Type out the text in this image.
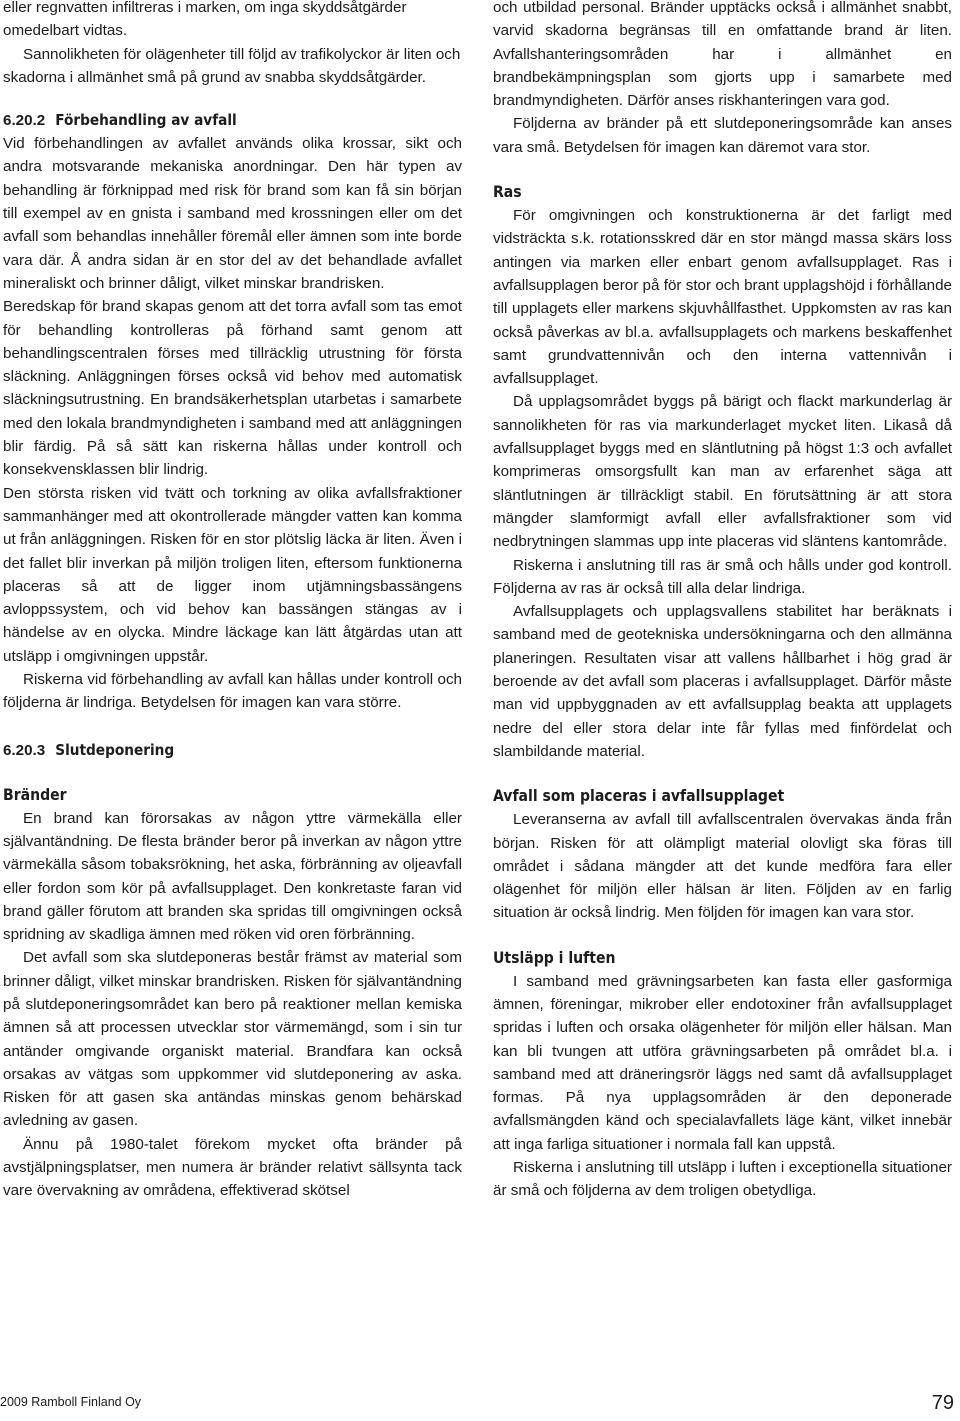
eller regnvatten infiltreras i marken, om inga skyddsåtgärder omedelbart vidtas.

Sannolikheten för olägenheter till följd av trafikolyckor är liten och skadorna i allmänhet små på grund av snabba skyddsåtgärder.

6.20.2 Förbehandling av avfall

Vid förbehandlingen av avfallet används olika krossar, sikt och andra motsvarande mekaniska anordningar. Den här typen av behandling är förknippad med risk för brand som kan få sin början till exempel av en gnista i samband med krossningen eller om det avfall som behandlas innehåller föremål eller ämnen som inte borde vara där. Å andra sidan är en stor del av det behandlade avfallet mineraliskt och brinner dåligt, vilket minskar brandrisken.

Beredskap för brand skapas genom att det torra avfall som tas emot för behandling kontrolleras på förhand samt genom att behandlingscentralen förses med tillräcklig utrustning för första släckning. Anläggningen förses också vid behov med automatisk släckningsutrustning. En brandsäkerhetsplan utarbetas i samarbete med den lokala brandmyndigheten i samband med att anläggningen blir färdig. På så sätt kan riskerna hållas under kontroll och konsekvensklassen blir lindrig.

Den största risken vid tvätt och torkning av olika avfallsfraktioner sammanhänger med att okontrollerade mängder vatten kan komma ut från anläggningen. Risken för en stor plötslig läcka är liten. Även i det fallet blir inverkan på miljön troligen liten, eftersom funktionerna placeras så att de ligger inom utjämningsbassängens avloppssystem, och vid behov kan bassängen stängas av i händelse av en olycka. Mindre läckage kan lätt åtgärdas utan att utsläpp i omgivningen uppstår.

Riskerna vid förbehandling av avfall kan hållas under kontroll och följderna är lindriga. Betydelsen för imagen kan vara större.

6.20.3 Slutdeponering

Bränder

En brand kan förorsakas av någon yttre värmekälla eller självantändning. De flesta bränder beror på inverkan av någon yttre värmekälla såsom tobaksrökning, het aska, förbränning av oljeavfall eller fordon som kör på avfallsupplaget. Den konkretaste faran vid brand gäller förutom att branden ska spridas till omgivningen också spridning av skadliga ämnen med röken vid oren förbränning.

Det avfall som ska slutdeponeras består främst av material som brinner dåligt, vilket minskar brandrisken. Risken för självantändning på slutdeponeringsområdet kan bero på reaktioner mellan kemiska ämnen så att processen utvecklar stor värmemängd, som i sin tur antänder omgivande organiskt material. Brandfara kan också orsakas av vätgas som uppkommer vid slutdeponering av aska. Risken för att gasen ska antändas minskas genom behärskad avledning av gasen.

Ännu på 1980-talet förekom mycket ofta bränder på avstjälpningsplatser, men numera är bränder relativt sällsynta tack vare övervakning av områdena, effektiverad skötsel

och utbildad personal. Bränder upptäcks också i allmänhet snabbt, varvid skadorna begränsas till en omfattande brand är liten. Avfallshanteringsområden har i allmänhet en brandbekämpningsplan som gjorts upp i samarbete med brandmyndigheten. Därför anses riskhanteringen vara god.

Följderna av bränder på ett slutdeponeringsområde kan anses vara små. Betydelsen för imagen kan däremot vara stor.

Ras

För omgivningen och konstruktionerna är det farligt med vidsträckta s.k. rotationsskred där en stor mängd massa skärs loss antingen via marken eller enbart genom avfallsupplaget. Ras i avfallsupplagen beror på för stor och brant upplagshöjd i förhållande till upplagets eller markens skjuvhållfasthet. Uppkomsten av ras kan också påverkas av bl.a. avfallsupplagets och markens beskaffenhet samt grundvattennivån och den interna vattennivån i avfallsupplaget.

Då upplagsområdet byggs på bärigt och flackt markunderlag är sannolikheten för ras via markunderlaget mycket liten. Likaså då avfallsupplaget byggs med en släntlutning på högst 1:3 och avfallet komprimeras omsorgsfullt kan man av erfarenhet säga att släntlutningen är tillräckligt stabil. En förutsättning är att stora mängder slamformigt avfall eller avfallsfraktioner som vid nedbrytningen slammas upp inte placeras vid släntens kantområde.

Riskerna i anslutning till ras är små och hålls under god kontroll. Följderna av ras är också till alla delar lindriga.

Avfallsupplagets och upplagsvallens stabilitet har beräknats i samband med de geotekniska undersökningarna och den allmänna planeringen. Resultaten visar att vallens hållbarhet i hög grad är beroende av det avfall som placeras i avfallsupplaget. Därför måste man vid uppbyggnaden av ett avfallsupplag beakta att upplagets nedre del eller stora delar inte får fyllas med finfördelat och slambildande material.

Avfall som placeras i avfallsupplaget

Leveranserna av avfall till avfallscentralen övervakas ända från början. Risken för att olämpligt material olovligt ska föras till området i sådana mängder att det kunde medföra fara eller olägenhet för miljön eller hälsan är liten. Följden av en farlig situation är också lindrig. Men följden för imagen kan vara stor.

Utsläpp i luften

I samband med grävningsarbeten kan fasta eller gasformiga ämnen, föreningar, mikrober eller endotoxiner från avfallsupplaget spridas i luften och orsaka olägenheter för miljön eller hälsan. Man kan bli tvungen att utföra grävningsarbeten på området bl.a. i samband med att dräneringsrör läggs ned samt då avfallsupplaget formas. På nya upplagsområden är den deponerade avfallsmängden känd och specialavfallets läge känt, vilket innebär att inga farliga situationer i normala fall kan uppstå.

Riskerna i anslutning till utsläpp i luften i exceptionella situationer är små och följderna av dem troligen obetydliga.

2009 Ramboll Finland Oy	79
